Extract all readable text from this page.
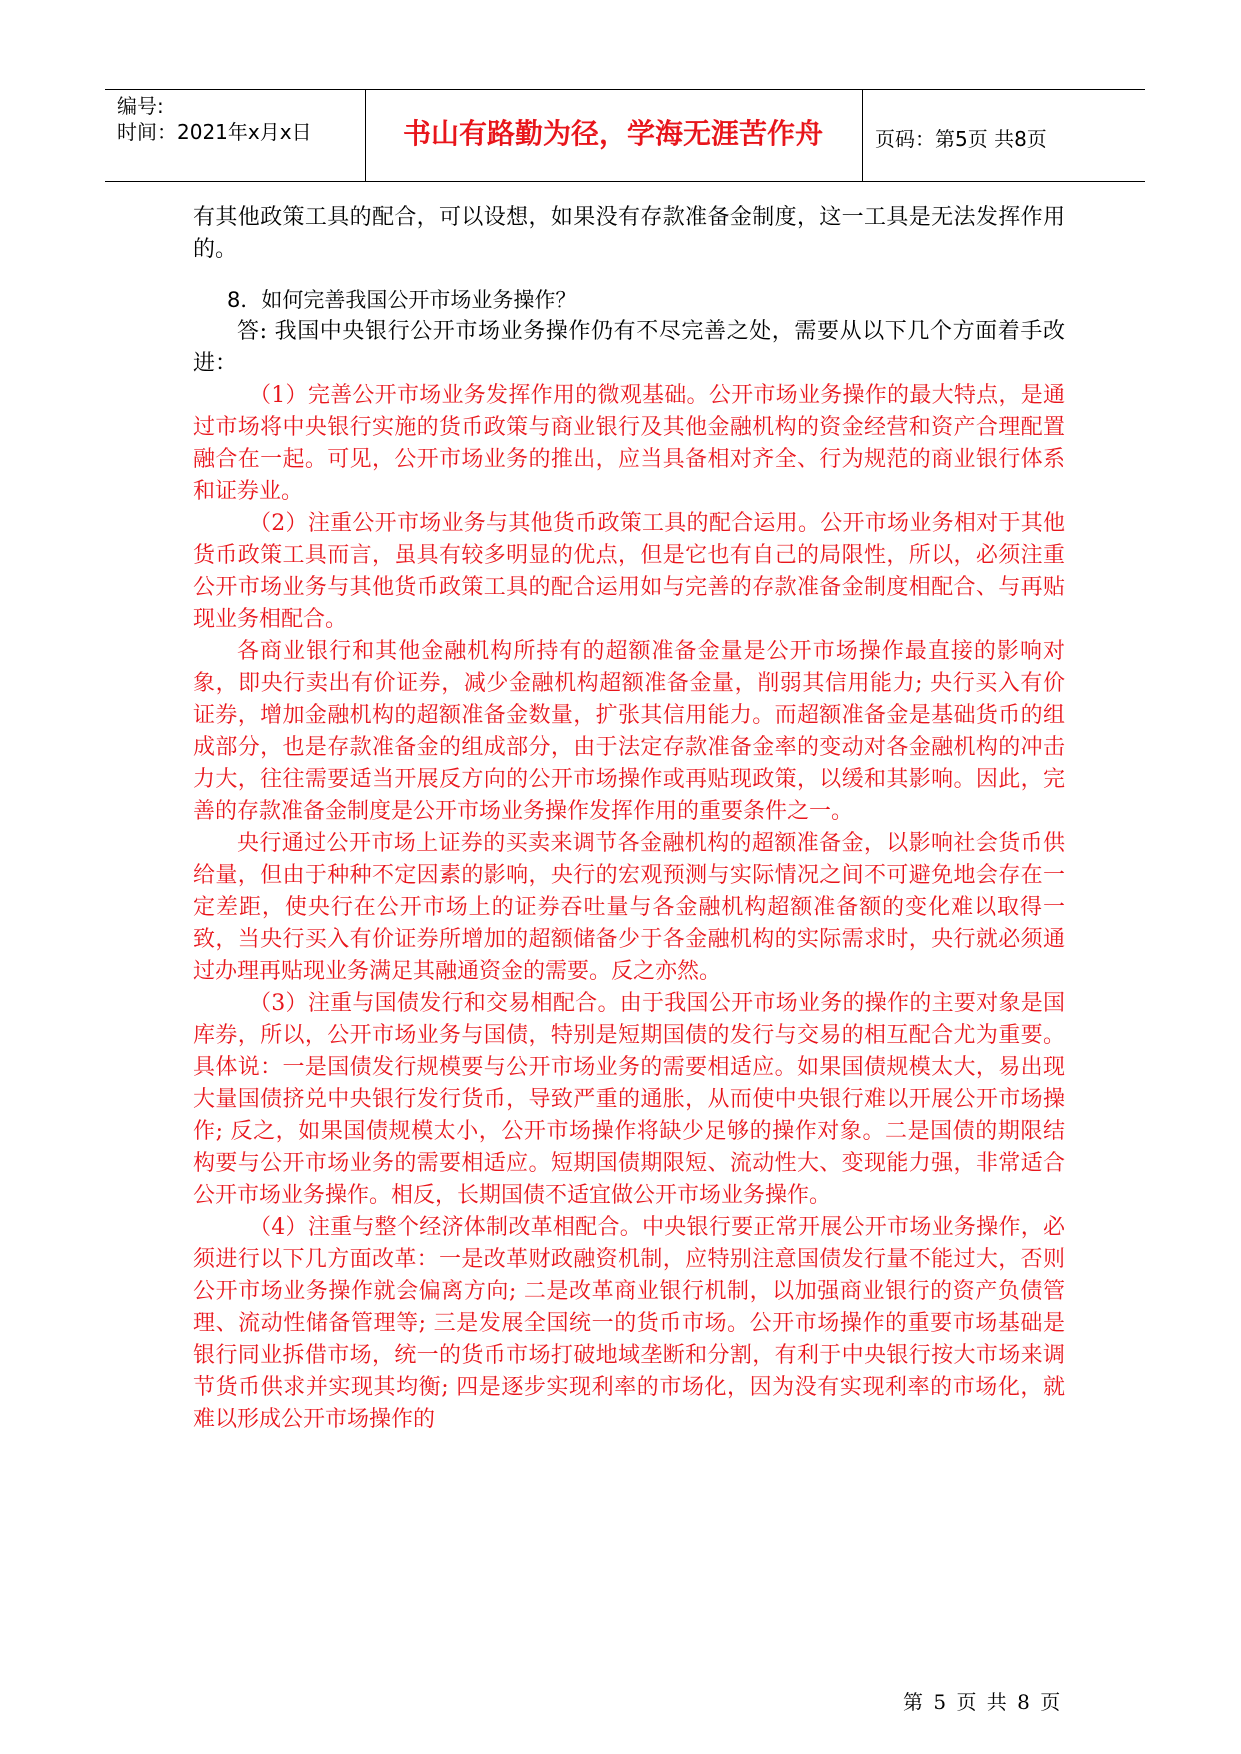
编号:
时间：2021年x月x日	书山有路勤为径，学海无涯苦作舟	页码：第5页 共8页

有其他政策工具的配合，可以设想，如果没有存款准备金制度，这一工具是无法发挥作用的。

8．如何完善我国公开市场业务操作？

答: 我国中央银行公开市场业务操作仍有不尽完善之处，需要从以下几个方面着手改进：

（1）完善公开市场业务发挥作用的微观基础。公开市场业务操作的最大特点，是通过市场将中央银行实施的货币政策与商业银行及其他金融机构的资金经营和资产合理配置融合在一起。可见，公开市场业务的推出，应当具备相对齐全、行为规范的商业银行体系和证券业。

（2）注重公开市场业务与其他货币政策工具的配合运用。公开市场业务相对于其他货币政策工具而言，虽具有较多明显的优点，但是它也有自己的局限性，所以，必须注重公开市场业务与其他货币政策工具的配合运用如与完善的存款准备金制度相配合、与再贴现业务相配合。

各商业银行和其他金融机构所持有的超额准备金量是公开市场操作最直接的影响对象，即央行卖出有价证券，减少金融机构超额准备金量，削弱其信用能力; 央行买入有价证券，增加金融机构的超额准备金数量，扩张其信用能力。而超额准备金是基础货币的组成部分，也是存款准备金的组成部分，由于法定存款准备金率的变动对各金融机构的冲击力大，往往需要适当开展反方向的公开市场操作或再贴现政策，以缓和其影响。因此，完善的存款准备金制度是公开市场业务操作发挥作用的重要条件之一。

央行通过公开市场上证券的买卖来调节各金融机构的超额准备金，以影响社会货币供给量，但由于种种不定因素的影响，央行的宏观预测与实际情况之间不可避免地会存在一定差距，使央行在公开市场上的证券吞吐量与各金融机构超额准备额的变化难以取得一致，当央行买入有价证券所增加的超额储备少于各金融机构的实际需求时，央行就必须通过办理再贴现业务满足其融通资金的需要。反之亦然。

（3）注重与国债发行和交易相配合。由于我国公开市场业务的操作的主要对象是国库券，所以，公开市场业务与国债，特别是短期国债的发行与交易的相互配合尤为重要。具体说：一是国债发行规模要与公开市场业务的需要相适应。如果国债规模太大，易出现大量国债挤兑中央银行发行货币，导致严重的通胀，从而使中央银行难以开展公开市场操作; 反之，如果国债规模太小，公开市场操作将缺少足够的操作对象。二是国债的期限结构要与公开市场业务的需要相适应。短期国债期限短、流动性大、变现能力强，非常适合公开市场业务操作。相反，长期国债不适宜做公开市场业务操作。

（4）注重与整个经济体制改革相配合。中央银行要正常开展公开市场业务操作，必须进行以下几方面改革：一是改革财政融资机制，应特别注意国债发行量不能过大，否则公开市场业务操作就会偏离方向; 二是改革商业银行机制，以加强商业银行的资产负债管理、流动性储备管理等; 三是发展全国统一的货币市场。公开市场操作的重要市场基础是银行同业拆借市场，统一的货币市场打破地域垄断和分割，有利于中央银行按大市场来调节货币供求并实现其均衡; 四是逐步实现利率的市场化，因为没有实现利率的市场化，就难以形成公开市场操作的

第 5 页 共 8 页
